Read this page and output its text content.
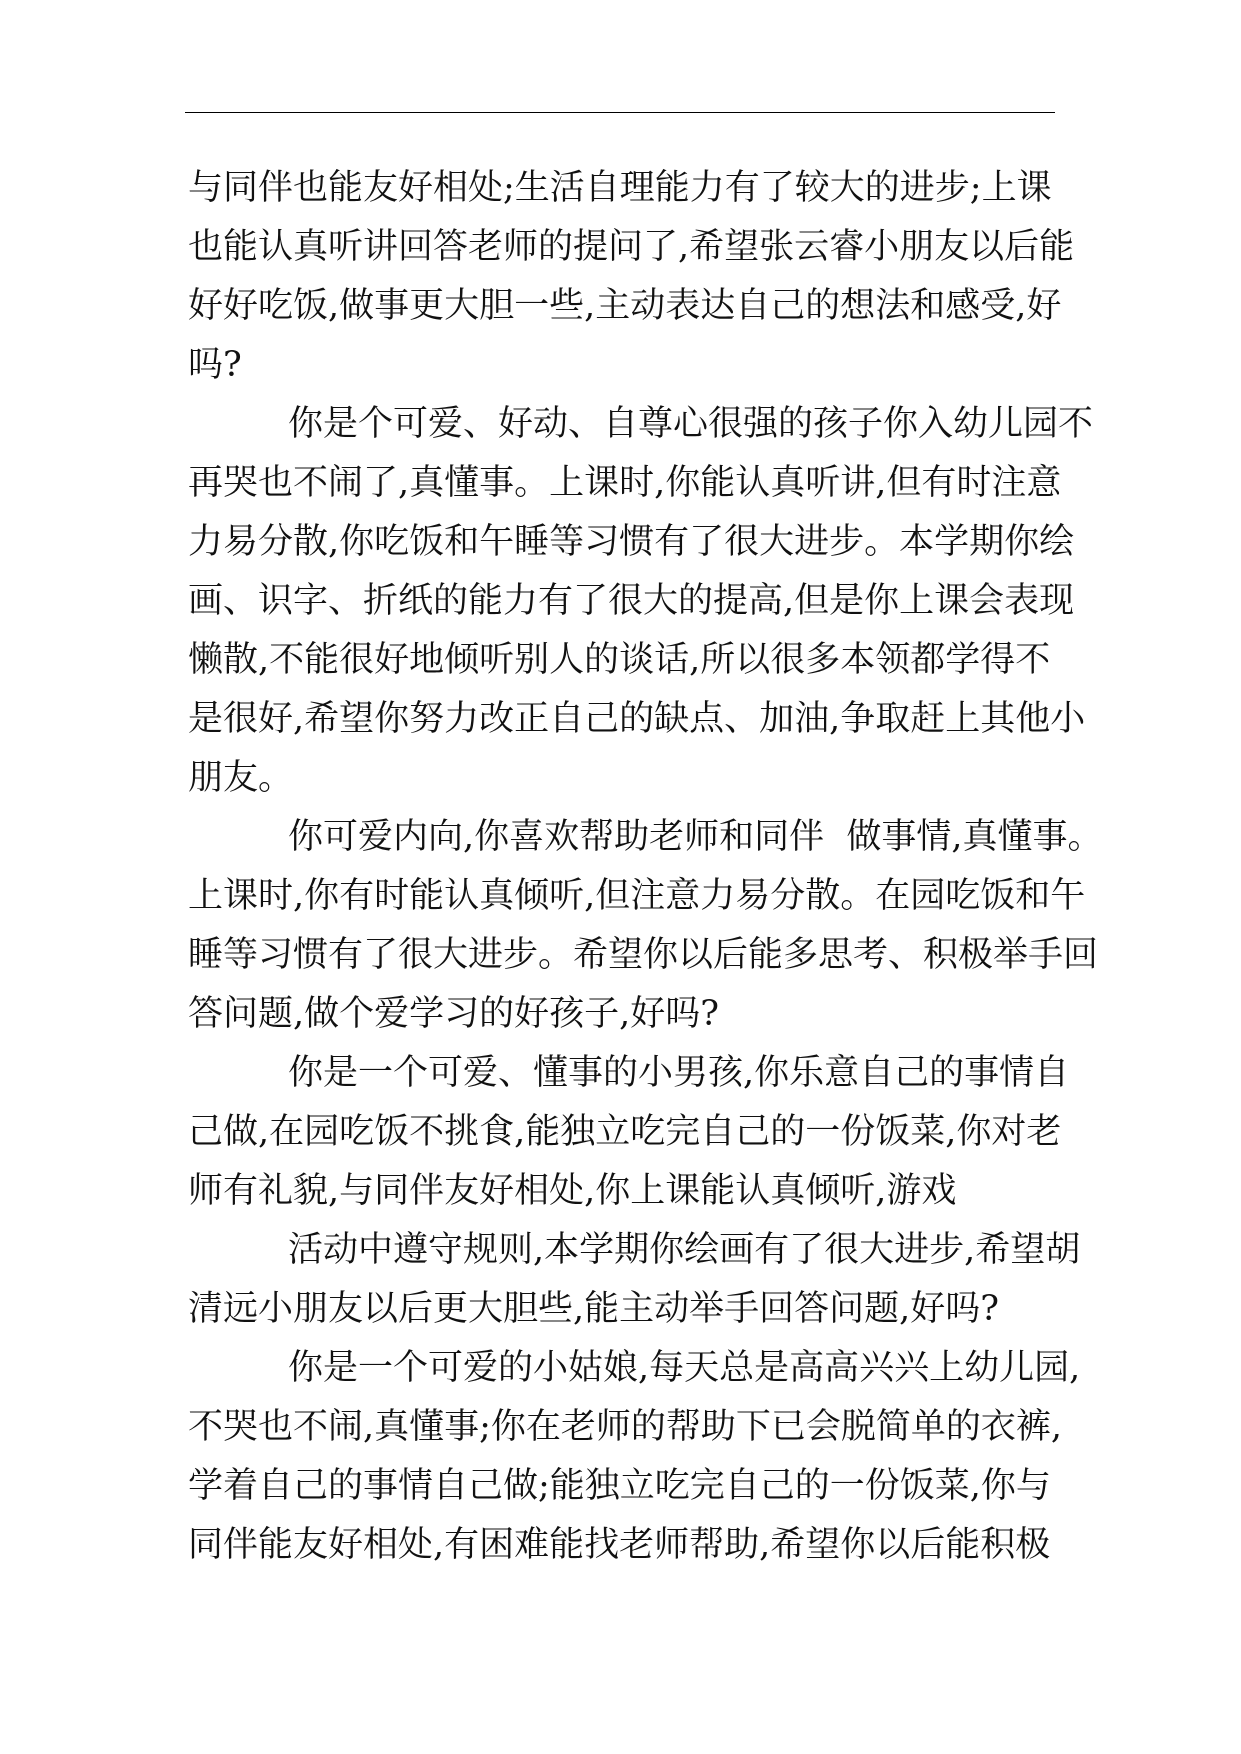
与同伴也能友好相处;生活自理能力有了较大的进步;上课
也能认真听讲回答老师的提问了,希望张云睿小朋友以后能
好好吃饭,做事更大胆一些,主动表达自己的想法和感受,好
吗?
你是个可爱、好动、自尊心很强的孩子你入幼儿园不
再哭也不闹了,真懂事。上课时,你能认真听讲,但有时注意
力易分散,你吃饭和午睡等习惯有了很大进步。本学期你绘
画、识字、折纸的能力有了很大的提高,但是你上课会表现
懒散,不能很好地倾听别人的谈话,所以很多本领都学得不
是很好,希望你努力改正自己的缺点、加油,争取赶上其他小
朋友。
你可爱内向,你喜欢帮助老师和同伴  做事情,真懂事。
上课时,你有时能认真倾听,但注意力易分散。在园吃饭和午
睡等习惯有了很大进步。希望你以后能多思考、积极举手回
答问题,做个爱学习的好孩子,好吗?
你是一个可爱、懂事的小男孩,你乐意自己的事情自
己做,在园吃饭不挑食,能独立吃完自己的一份饭菜,你对老
师有礼貌,与同伴友好相处,你上课能认真倾听,游戏
活动中遵守规则,本学期你绘画有了很大进步,希望胡
清远小朋友以后更大胆些,能主动举手回答问题,好吗?
你是一个可爱的小姑娘,每天总是高高兴兴上幼儿园,
不哭也不闹,真懂事;你在老师的帮助下已会脱简单的衣裤,
学着自己的事情自己做;能独立吃完自己的一份饭菜,你与
同伴能友好相处,有困难能找老师帮助,希望你以后能积极
